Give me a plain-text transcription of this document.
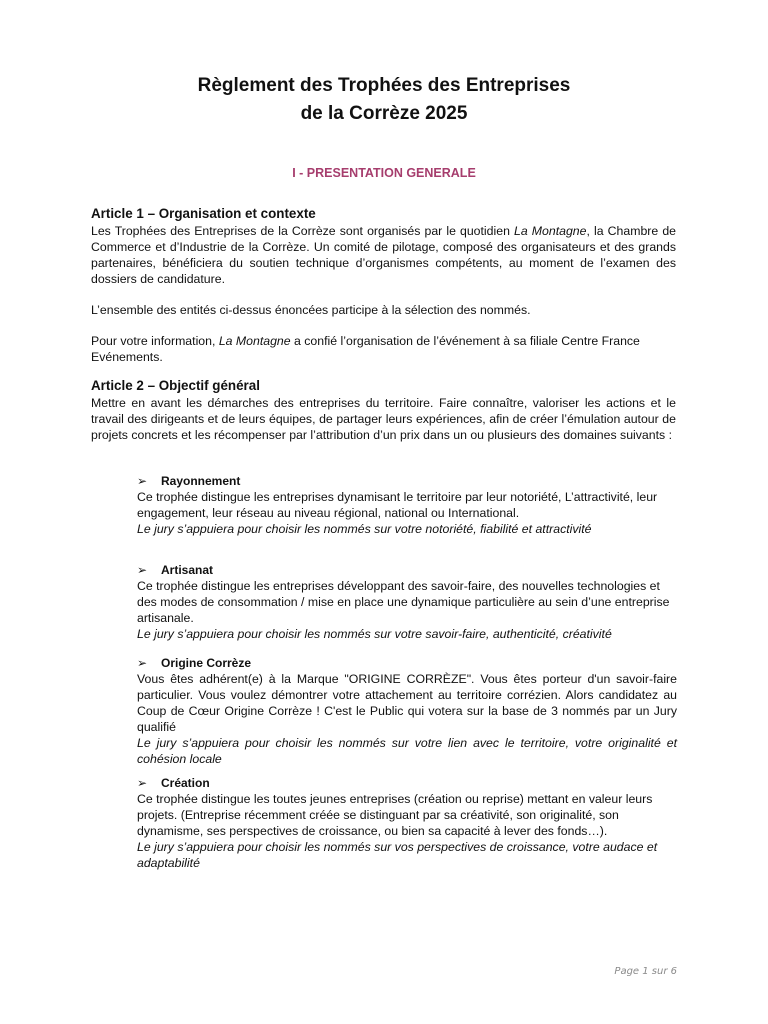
Règlement des Trophées des Entreprises
de la Corrèze 2025
I - PRESENTATION GENERALE
Article 1 – Organisation et contexte
Les Trophées des Entreprises de la Corrèze sont organisés par le quotidien La Montagne, la Chambre de Commerce et d’Industrie de la Corrèze. Un comité de pilotage, composé des organisateurs et des grands partenaires, bénéficiera du soutien technique d’organismes compétents, au moment de l’examen des dossiers de candidature.
L’ensemble des entités ci-dessus énoncées participe à la sélection des nommés.
Pour votre information, La Montagne a confié l’organisation de l’événement à sa filiale Centre France Evénements.
Article 2 – Objectif général
Mettre en avant les démarches des entreprises du territoire. Faire connaître, valoriser les actions et le travail des dirigeants et de leurs équipes, de partager leurs expériences, afin de créer l’émulation autour de projets concrets et les récompenser par l’attribution d’un prix dans un ou plusieurs des domaines suivants :
➢ Rayonnement
Ce trophée distingue les entreprises dynamisant le territoire par leur notoriété, L’attractivité, leur engagement, leur réseau au niveau régional, national ou International.
Le jury s’appuiera pour choisir les nommés sur votre notoriété, fiabilité et attractivité
➢ Artisanat
Ce trophée distingue les entreprises développant des savoir-faire, des nouvelles technologies et des modes de consommation / mise en place une dynamique particulière au sein d’une entreprise artisanale.
Le jury s’appuiera pour choisir les nommés sur votre savoir-faire, authenticité, créativité
➢ Origine Corrèze
Vous êtes adhérent(e) à la Marque "ORIGINE CORRÈZE". Vous êtes porteur d'un savoir-faire particulier. Vous voulez démontrer votre attachement au territoire corrézien. Alors candidatez au Coup de Cœur Origine Corrèze ! C'est le Public qui votera sur la base de 3 nommés par un Jury qualifié
Le jury s’appuiera pour choisir les nommés sur votre lien avec le territoire, votre originalité et cohésion locale
➢ Création
Ce trophée distingue les toutes jeunes entreprises (création ou reprise) mettant en valeur leurs projets. (Entreprise récemment créée se distinguant par sa créativité, son originalité, son dynamisme, ses perspectives de croissance, ou bien sa capacité à lever des fonds…).
Le jury s’appuiera pour choisir les nommés sur vos perspectives de croissance, votre audace et adaptabilité
Page 1 sur 6
